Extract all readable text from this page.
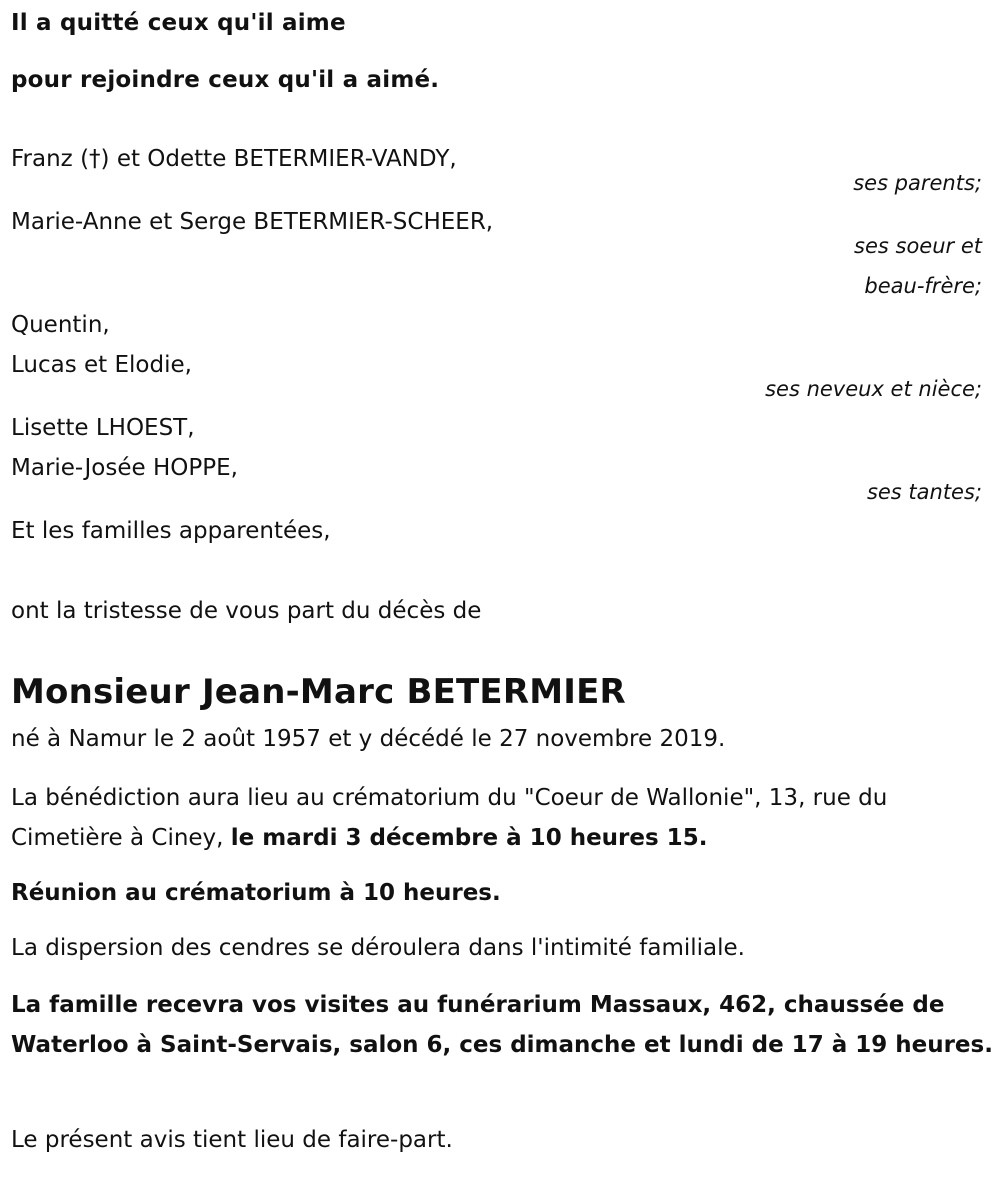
Il a quitté ceux qu'il aime
pour rejoindre ceux qu'il a aimé.
Franz (†) et Odette BETERMIER-VANDY,
ses parents;
Marie-Anne et Serge BETERMIER-SCHEER,
ses soeur et
beau-frère;
Quentin,
Lucas et Elodie,
ses neveux et nièce;
Lisette LHOEST,
Marie-Josée HOPPE,
ses tantes;
Et les familles apparentées,
ont la tristesse de vous part du décès de
Monsieur Jean-Marc BETERMIER
né à Namur le 2 août 1957 et y décédé le 27 novembre 2019.
La bénédiction aura lieu au crématorium du "Coeur de Wallonie", 13, rue du Cimetière à Ciney, le mardi 3 décembre à 10 heures 15.
Réunion au crématorium à 10 heures.
La dispersion des cendres se déroulera dans l'intimité familiale.
La famille recevra vos visites au funérarium Massaux, 462, chaussée de Waterloo à Saint-Servais, salon 6, ces dimanche et lundi de 17 à 19 heures.
Le présent avis tient lieu de faire-part.
